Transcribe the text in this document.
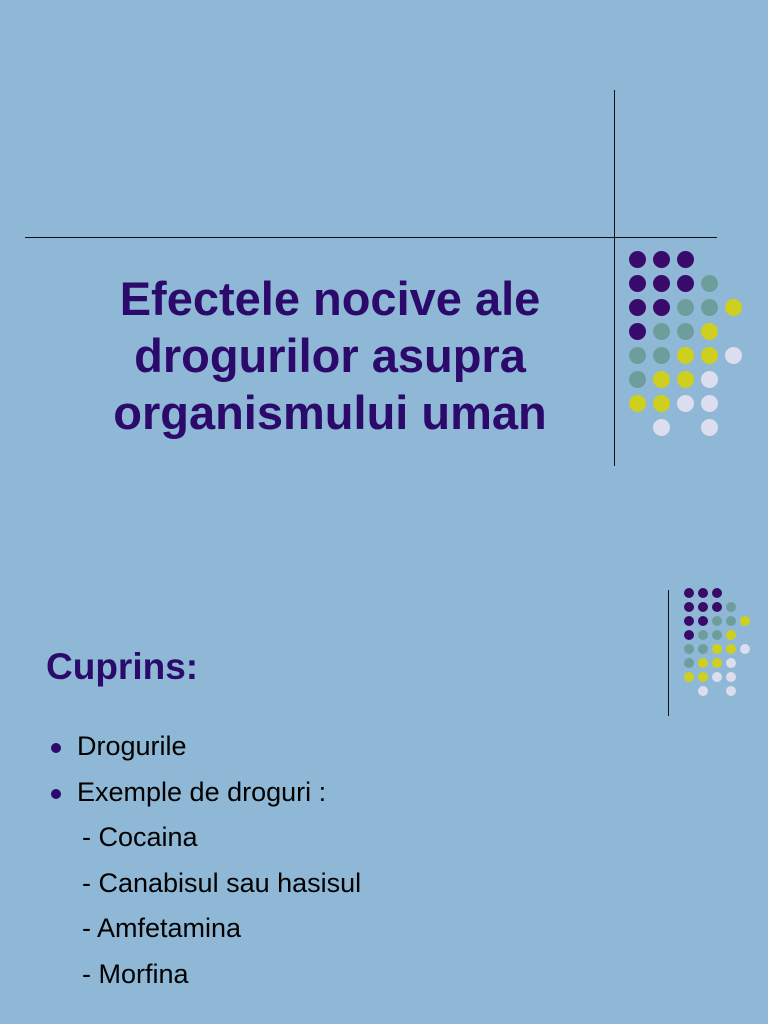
Efectele nocive ale
drogurilor asupra
organismului uman
Cuprins:
Drogurile
Exemple de droguri :
- Cocaina
- Canabisul sau hasisul
- Amfetamina
- Morfina
